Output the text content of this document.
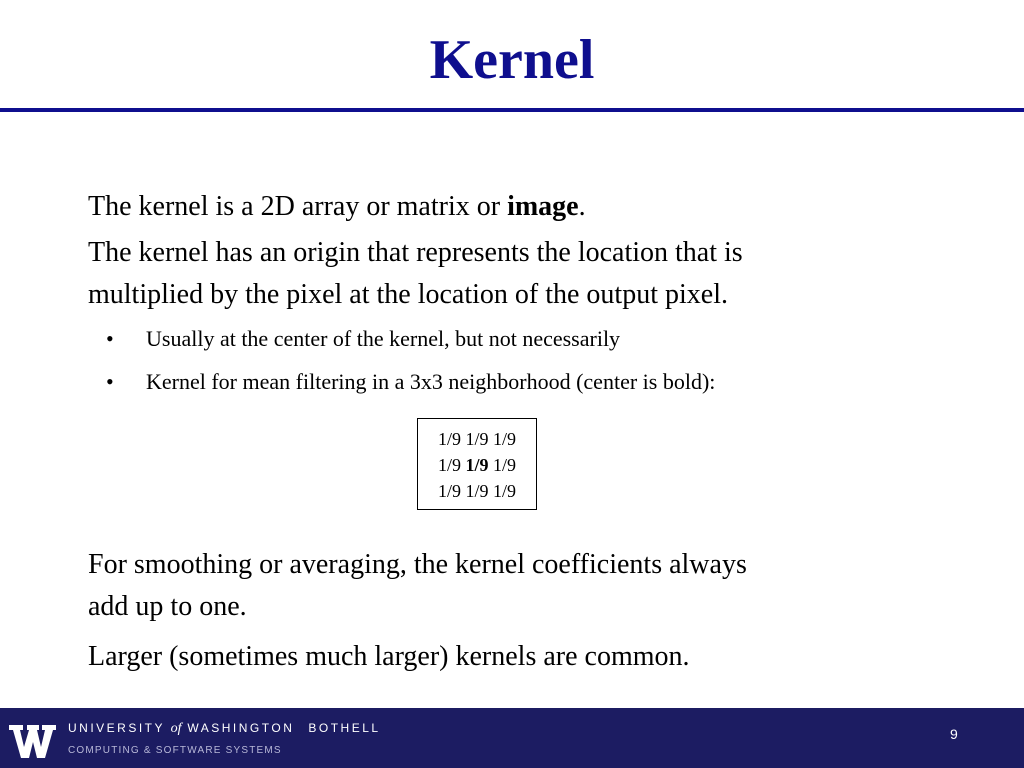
Kernel
The kernel is a 2D array or matrix or image.
The kernel has an origin that represents the location that is
multiplied by the pixel at the location of the output pixel.
• Usually at the center of the kernel, but not necessarily
• Kernel for mean filtering in a 3x3 neighborhood (center is bold):
1/9 1/9 1/9
1/9 1/9 1/9
1/9 1/9 1/9
For smoothing or averaging, the kernel coefficients always
add up to one.
Larger (sometimes much larger) kernels are common.
UNIVERSITY of WASHINGTON BOTHELL
COMPUTING & SOFTWARE SYSTEMS
9
